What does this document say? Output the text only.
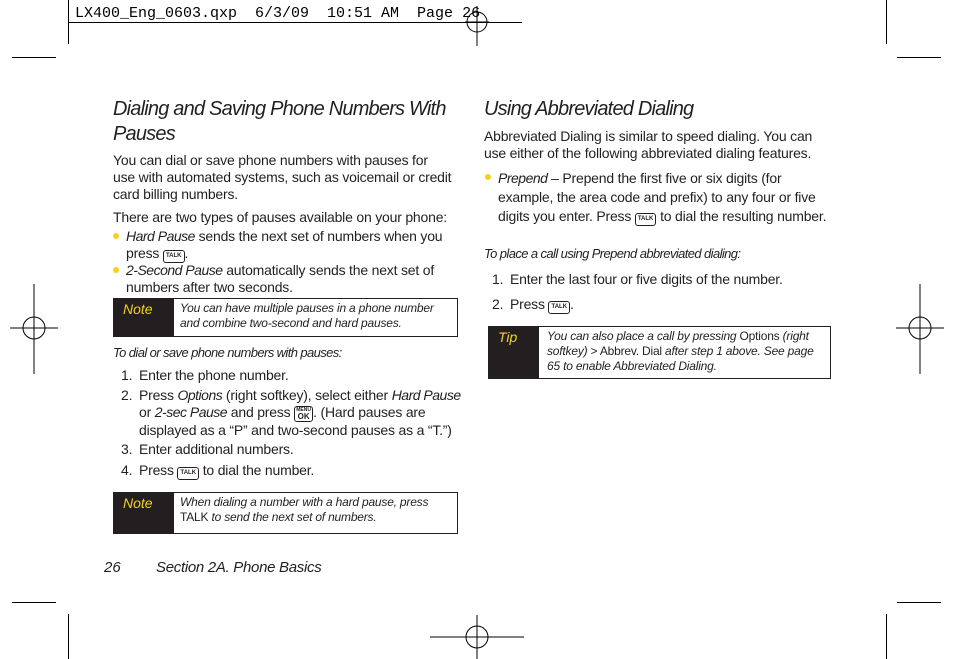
LX400_Eng_0603.qxp  6/3/09  10:51 AM  Page 26
Dialing and Saving Phone Numbers With
Pauses
You can dial or save phone numbers with pauses for
use with automated systems, such as voicemail or credit
card billing numbers.
There are two types of pauses available on your phone:
Hard Pause sends the next set of numbers when you
press TALK .
2-Second Pause automatically sends the next set of
numbers after two seconds.
Note You can have multiple pauses in a phone number
and combine two-second and hard pauses.
To dial or save phone numbers with pauses:
1. Enter the phone number.
2. Press Options (right softkey), select either Hard Pause
or 2-sec Pause and press MENU
OK . (Hard pauses are
displayed as a “P” and two-second pauses as a “T.”)
3. Enter additional numbers.
4. Press TALK to dial the number.
Note When dialing a number with a hard pause, press
TALK to send the next set of numbers.
Using Abbreviated Dialing
Abbreviated Dialing is similar to speed dialing. You can
use either of the following abbreviated dialing features.
Prepend – Prepend the first five or six digits (for
example, the area code and prefix) to any four or five
digits you enter. Press TALK to dial the resulting number.
To place a call using Prepend abbreviated dialing:
1. Enter the last four or five digits of the number.
2. Press TALK .
Tip You can also place a call by pressing Options (right
softkey) > Abbrev. Dial after step 1 above. See page
65 to enable Abbreviated Dialing.
26 Section 2A. Phone Basics
